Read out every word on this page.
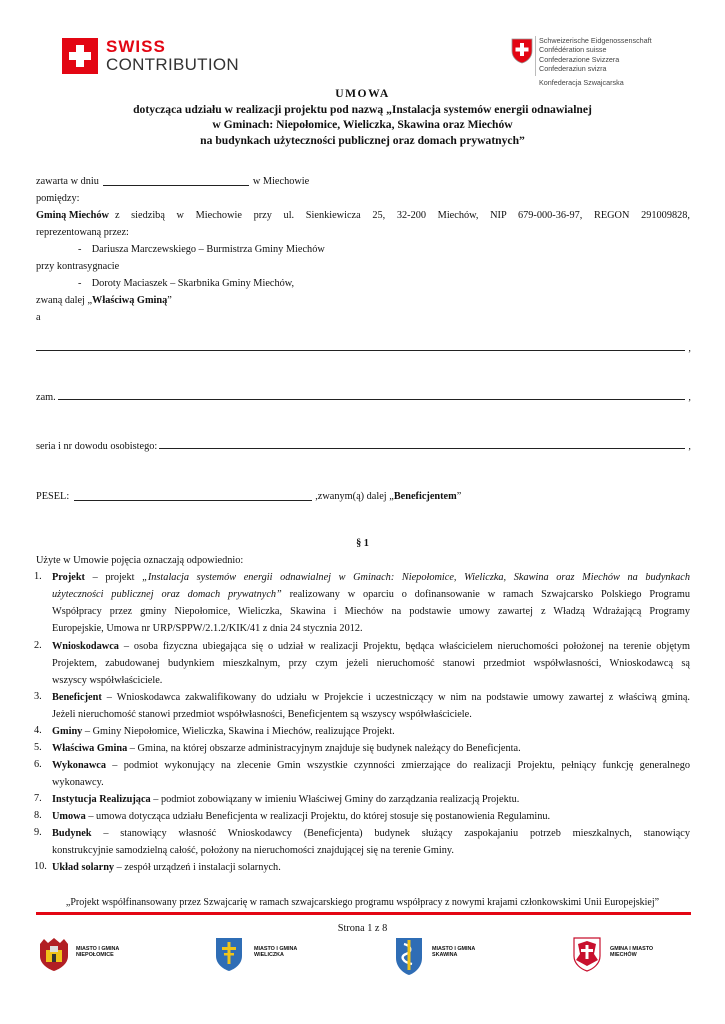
SWISS
CONTRIBUTION
Schweizerische Eidgenossenschaft
Confédération suisse
Confederazione Svizzera
Confederaziun svizra
Konfederacja Szwajcarska
UMOWA
dotycząca udziału w realizacji projektu pod nazwą „Instalacja systemów energii odnawialnej
w Gminach: Niepołomice, Wieliczka, Skawina oraz Miechów
na budynkach użyteczności publicznej oraz domach prywatnych”
zawarta w dniu	w Miechowie
pomiędzy:
Gminą Miechów z siedzibą w Miechowie przy ul. Sienkiewicza 25, 32-200 Miechów, NIP 679-000-36-97, REGON 291009828,
reprezentowaną przez:
-    Dariusza Marczewskiego – Burmistrza Gminy Miechów
przy kontrasygnacie
-    Doroty Maciaszek – Skarbnika Gminy Miechów,
zwaną dalej „Właściwą Gminą”
a
,
zam.	,
seria i nr dowodu osobistego:	,
PESEL:	,zwanym(ą) dalej „ Beneficjentem ”
§ 1
Użyte w Umowie pojęcia oznaczają odpowiednio:
1. Projekt – projekt „Instalacja systemów energii odnawialnej w Gminach: Niepołomice, Wieliczka, Skawina oraz Miechów na budynkach
użyteczności publicznej oraz domach prywatnych” realizowany w oparciu o dofinansowanie w ramach Szwajcarsko Polskiego Programu
Współpracy przez gminy Niepołomice, Wieliczka, Skawina i Miechów na podstawie umowy zawartej z Władzą Wdrażającą Programy
Europejskie, Umowa nr URP/SPPW/2.1.2/KIK/41 z dnia 24 stycznia 2012.
2. Wnioskodawca – osoba fizyczna ubiegająca się o udział w realizacji Projektu, będąca właścicielem nieruchomości położonej na terenie objętym
Projektem, zabudowanej budynkiem mieszkalnym, przy czym jeżeli nieruchomość stanowi przedmiot współwłasności, Wnioskodawcą są
wszyscy współwłaściciele.
3. Beneficjent – Wnioskodawca zakwalifikowany do udziału w Projekcie i uczestniczący w nim na podstawie umowy zawartej z właściwą gminą.
Jeżeli nieruchomość stanowi przedmiot współwłasności, Beneficjentem są wszyscy współwłaściciele.
4. Gminy – Gminy Niepołomice, Wieliczka, Skawina i Miechów, realizujące Projekt.
5. Właściwa Gmina – Gmina, na której obszarze administracyjnym znajduje się budynek należący do Beneficjenta.
6. Wykonawca – podmiot wykonujący na zlecenie Gmin wszystkie czynności zmierzające do realizacji Projektu, pełniący funkcję generalnego
wykonawcy.
7. Instytucja Realizująca – podmiot zobowiązany w imieniu Właściwej Gminy do zarządzania realizacją Projektu.
8. Umowa – umowa dotycząca udziału Beneficjenta w realizacji Projektu, do której stosuje się postanowienia Regulaminu.
9. Budynek – stanowiący własność Wnioskodawcy (Beneficjenta) budynek służący zaspokajaniu potrzeb mieszkalnych, stanowiący
konstrukcyjnie samodzielną całość, położony na nieruchomości znajdującej się na terenie Gminy.
10. Układ solarny – zespół urządzeń i instalacji solarnych.
„Projekt współfinansowany przez Szwajcarię w ramach szwajcarskiego programu współpracy z nowymi krajami członkowskimi Unii Europejskiej”
Strona 1 z 8
MIASTO I GMINA
NIEPOŁOMICE
MIASTO I GMINA
WIELICZKA
MIASTO I GMINA
SKAWINA
GMINA I MIASTO
MIECHÓW
